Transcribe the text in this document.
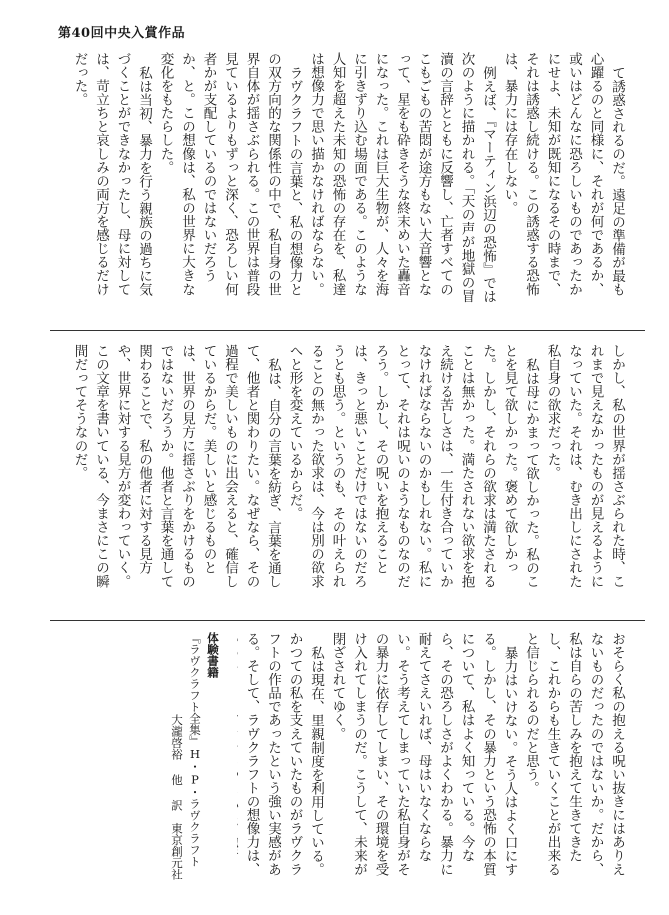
第40回中央入賞作品

て誘惑されるのだ。遠足の準備が最も心躍るのと同様に、それが何であるか、或いはどんなに恐ろしいものであったかにせよ、未知が既知になるその時まで、それは誘惑し続ける。この誘惑する恐怖は、暴力には存在しない。

例えば、『マーティン浜辺の恐怖』では次のように描かれる。「天の声が地獄の冒瀆の言辞とともに反響し、亡者すべてのこもごもの苦悶が途方もない大音響となって、星をも砕きそうな終末めいた轟音になった。これは巨大生物が、人々を海に引きずり込む場面である。このような人知を超えた未知の恐怖の存在を、私達は想像力で思い描かなければならない。

ラヴクラフトの言葉と、私の想像力との双方向的な関係性の中で、私自身の世界自体が揺さぶられる。この世界は普段見ているよりもずっと深く、恐ろしい何者かが支配しているのではないだろうか、と。この想像は、私の世界に大きな変化をもたらした。

私は当初、暴力を行う親族の過ちに気づくことができなかったし、母に対しては、苛立ちと哀しみの両方を感じるだけだった。

しかし、私の世界が揺さぶられた時、これまで見えなかったものが見えるようになっていた。それは、むき出しにされた私自身の欲求だった。

私は母にかまって欲しかった。私のことを見て欲しかった。褒めて欲しかった。しかし、それらの欲求は満たされることは無かった。満たされない欲求を抱え続ける苦しさは、一生付き合っていかなければならないのかもしれない。私にとって、それは呪いのようなものなのだろう。しかし、その呪いを抱えることは、きっと悪いことだけではないのだろうとも思う。というのも、その叶えられることの無かった欲求は、今は別の欲求へと形を変えているからだ。

私は、自分の言葉を紡ぎ、言葉を通して、他者と関わりたい。なぜなら、その過程で美しいものに出会えると、確信しているからだ。美しいと感じるものとは、世界の見方に揺さぶりをかけるものではないだろうか。他者と言葉を通して関わることで、私の他者に対する見方や、世界に対する見方が変わっていく。この文章を書いている、今まさにこの瞬間だってそうなのだ。

おそらく私の抱える呪い抜きにはありえないものだったのではないか。だから、私は自らの苦しみを抱えて生きてきたし、これからも生きていくことが出来ると信じられるのだと思う。

暴力はいけない。そう人はよく口にする。しかし、その暴力という恐怖の本質について、私はよく知っている。今なら、その恐ろしさがよくわかる。暴力に耐えてさえいれば、母はいなくならない。そう考えてしまっていた私自身がその暴力に依存してしまい、その環境を受け入れてしまうのだ。こうして、未来が閉ざされてゆく。

私は現在、里親制度を利用している。かつての私を支えていたものがラヴクラフトの作品であったという強い実感がある。そして、ラヴクラフトの想像力は、

体験書籍
『ラヴクラフト全集』H・P・ラヴクラフト
大瀧啓裕 他 訳　東京創元社
